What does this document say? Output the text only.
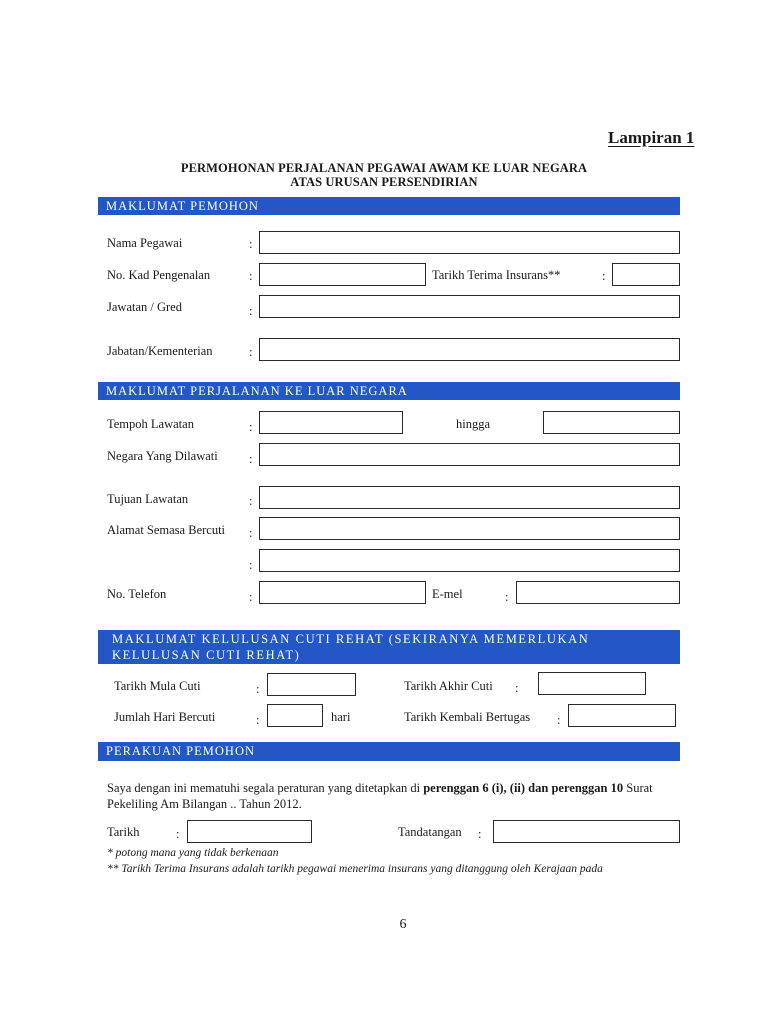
Lampiran 1
PERMOHONAN PERJALANAN PEGAWAI AWAM KE LUAR NEGARA
ATAS URUSAN PERSENDIRIAN
MAKLUMAT PEMOHON
Nama Pegawai	:
No. Kad Pengenalan	:	Tarikh Terima Insurans**	:
Jawatan / Gred	:
Jabatan/Kementerian	:
MAKLUMAT PERJALANAN KE LUAR NEGARA
Tempoh Lawatan	:	hingga
Negara Yang Dilawati	:
Tujuan Lawatan	:
Alamat Semasa Bercuti :
:
No. Telefon	:	E-mel	:
MAKLUMAT KELULUSAN CUTI REHAT (SEKIRANYA MEMERLUKAN KELULUSAN CUTI REHAT)
Tarikh Mula Cuti	:	Tarikh Akhir Cuti :
Jumlah Hari Bercuti	:	hari	Tarikh Kembali Bertugas :
PERAKUAN PEMOHON
Saya dengan ini mematuhi segala peraturan yang ditetapkan di perenggan 6 (i), (ii) dan perenggan 10 Surat Pekeliling Am Bilangan .. Tahun 2012.
Tarikh	:	Tandatangan :
* potong mana yang tidak berkenaan
** Tarikh Terima Insurans adalah tarikh pegawai menerima insurans yang ditanggung oleh Kerajaan pada
6
